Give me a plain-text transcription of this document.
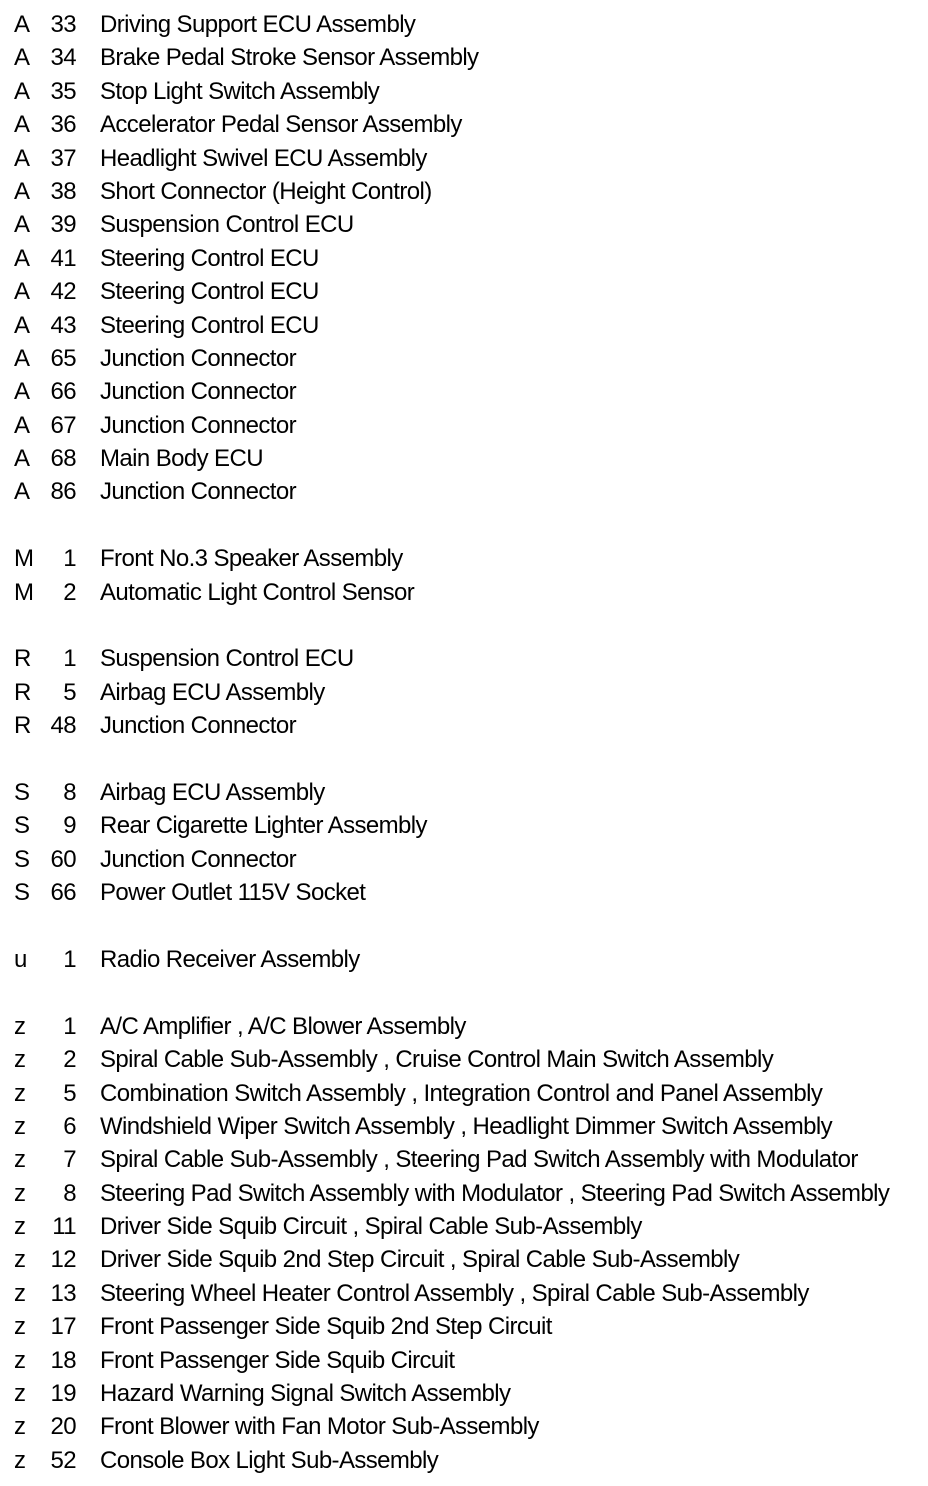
A 33 Driving Support ECU Assembly
A 34 Brake Pedal Stroke Sensor Assembly
A 35 Stop Light Switch Assembly
A 36 Accelerator Pedal Sensor Assembly
A 37 Headlight Swivel ECU Assembly
A 38 Short Connector (Height Control)
A 39 Suspension Control ECU
A 41 Steering Control ECU
A 42 Steering Control ECU
A 43 Steering Control ECU
A 65 Junction Connector
A 66 Junction Connector
A 67 Junction Connector
A 68 Main Body ECU
A 86 Junction Connector
M	1 Front No.3 Speaker Assembly
M	2 Automatic Light Control Sensor
R	1 Suspension Control ECU
R	5 Airbag ECU Assembly
R 48 Junction Connector
S	8 Airbag ECU Assembly
S	9 Rear Cigarette Lighter Assembly
S 60 Junction Connector
S 66 Power Outlet 115V Socket
u	1 Radio Receiver Assembly
z	1 A/C Amplifier , A/C Blower Assembly
z	2 Spiral Cable Sub-Assembly , Cruise Control Main Switch Assembly
z	5 Combination Switch Assembly , Integration Control and Panel Assembly
z	6 Windshield Wiper Switch Assembly , Headlight Dimmer Switch Assembly
z	7 Spiral Cable Sub-Assembly , Steering Pad Switch Assembly with Modulator
z	8 Steering Pad Switch Assembly with Modulator , Steering Pad Switch Assembly
z	11 Driver Side Squib Circuit , Spiral Cable Sub-Assembly
z	12 Driver Side Squib 2nd Step Circuit , Spiral Cable Sub-Assembly
z	13 Steering Wheel Heater Control Assembly , Spiral Cable Sub-Assembly
z	17 Front Passenger Side Squib 2nd Step Circuit
z	18 Front Passenger Side Squib Circuit
z	19 Hazard Warning Signal Switch Assembly
z	20 Front Blower with Fan Motor Sub-Assembly
z	52 Console Box Light Sub-Assembly
